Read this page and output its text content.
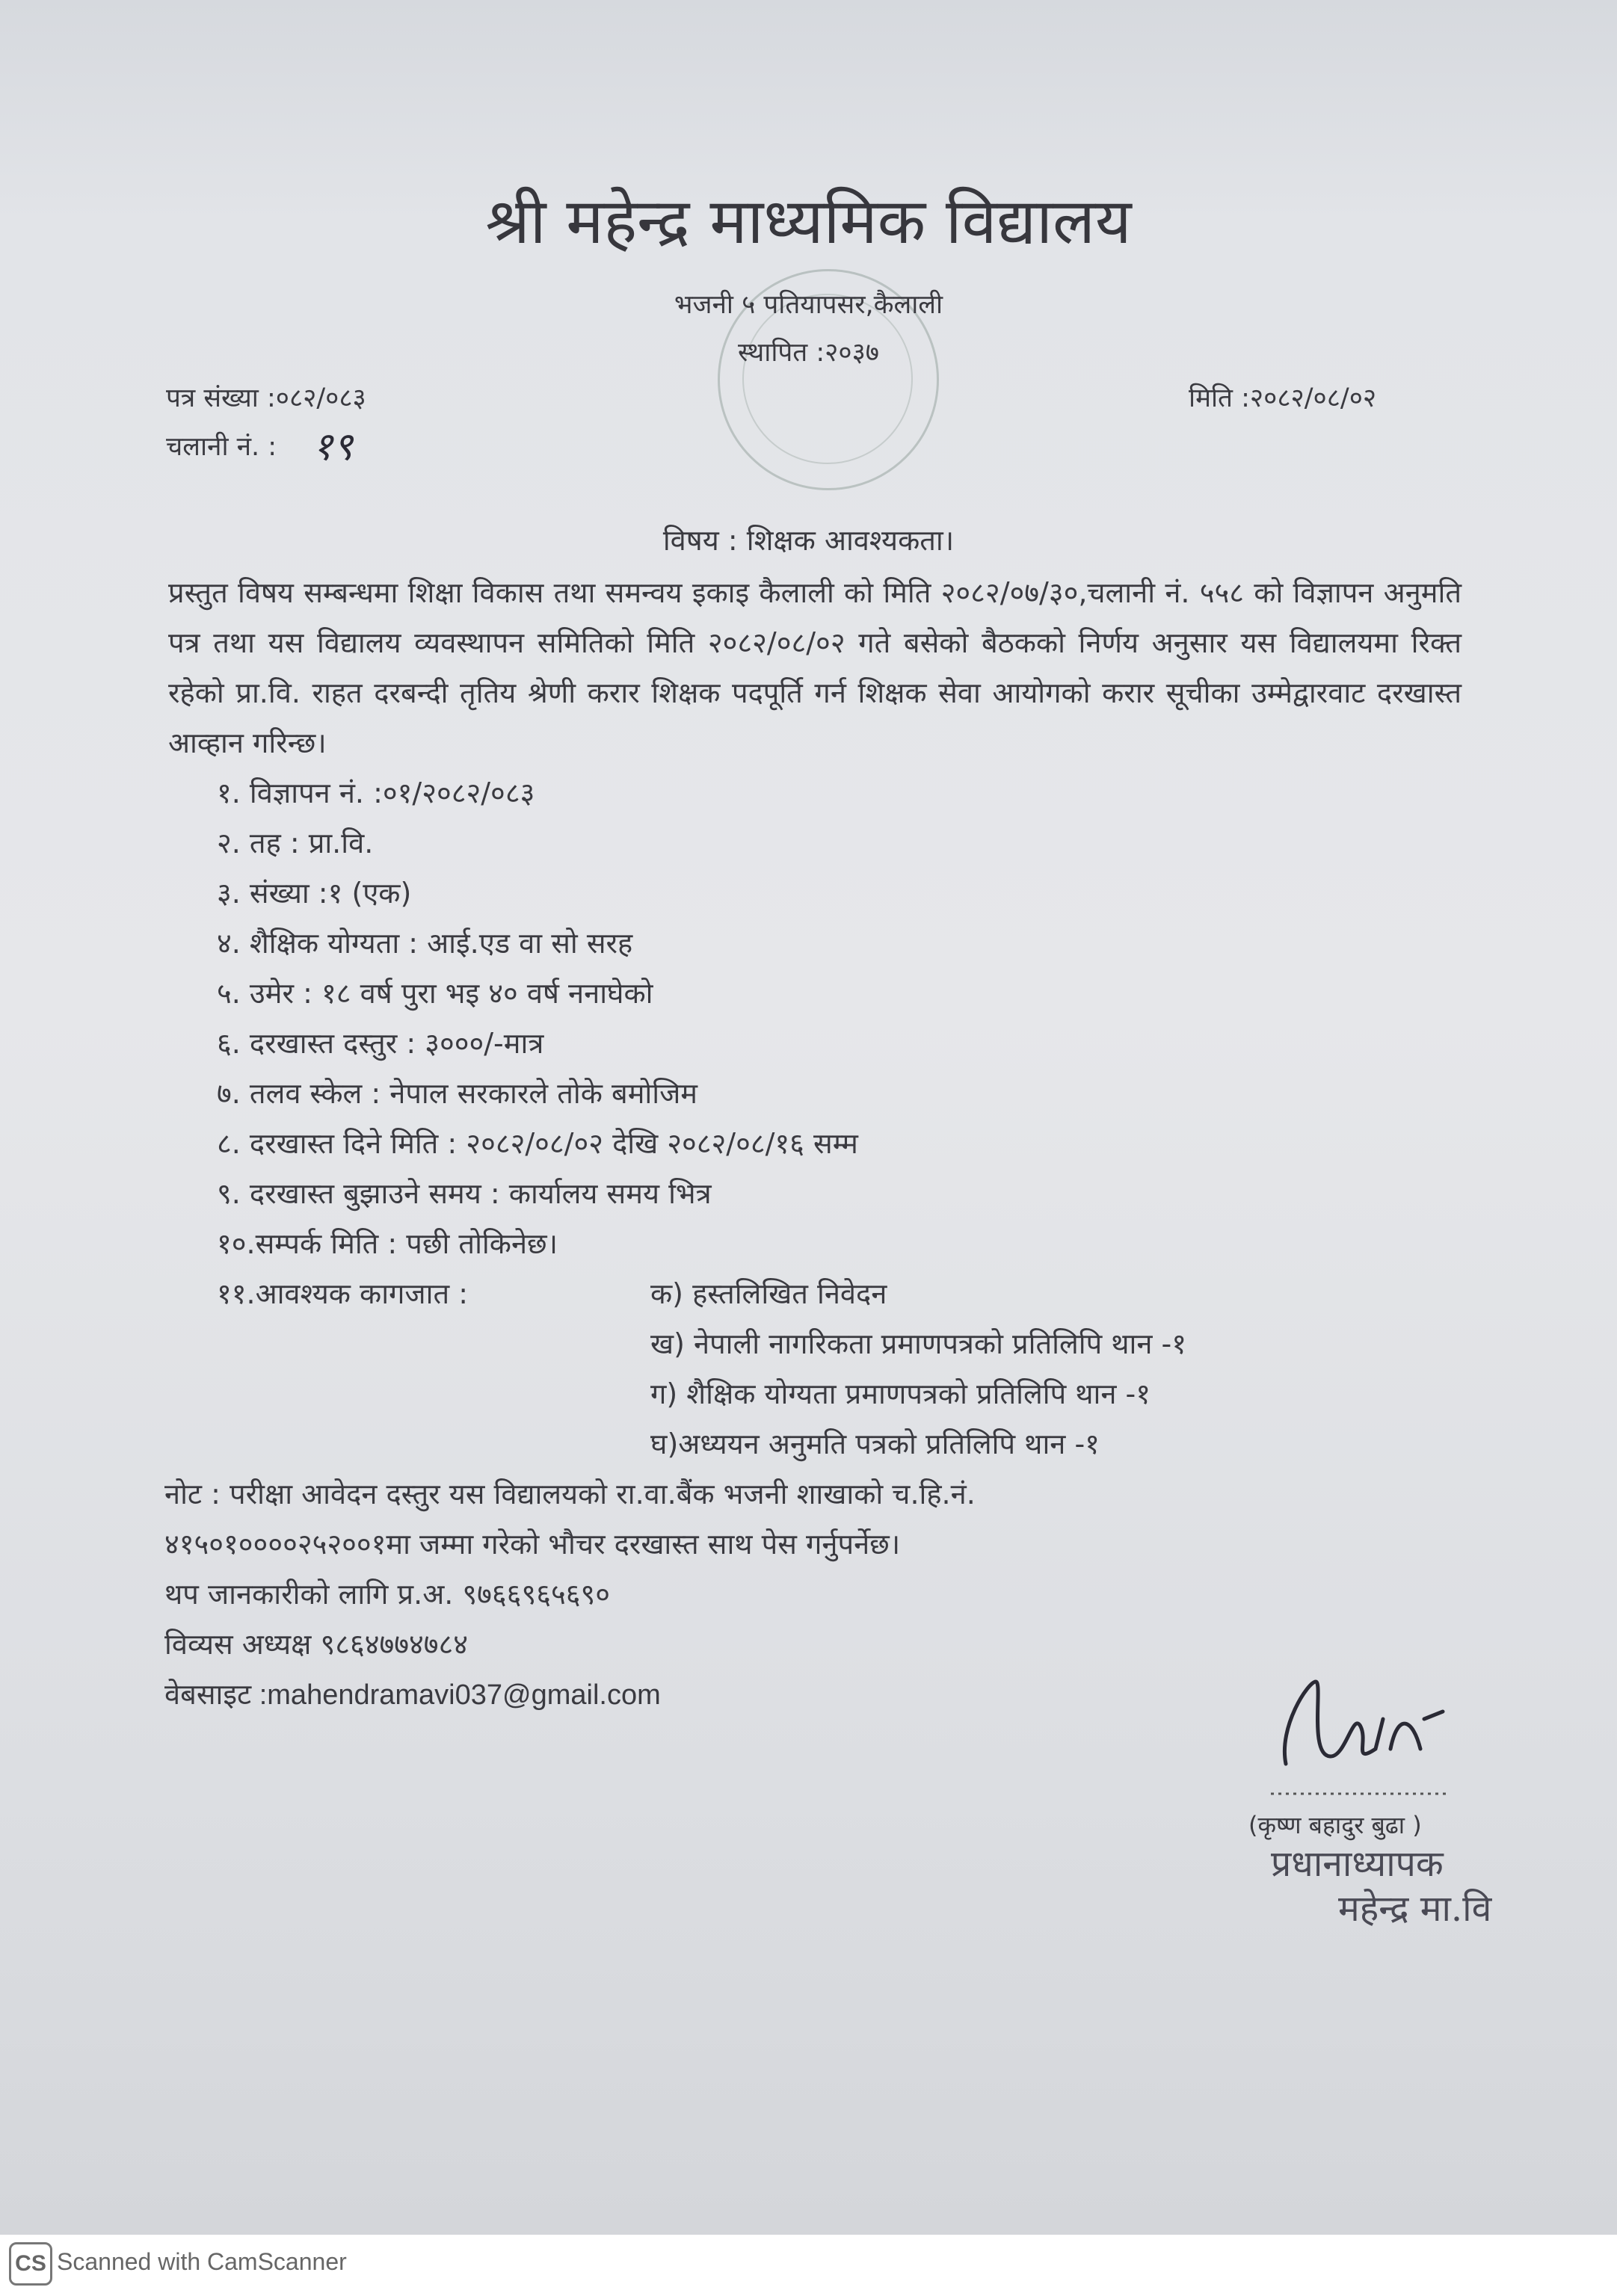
श्री महेन्द्र माध्यमिक विद्यालय
भजनी ५ पतियापसर,कैलाली
स्थापित :२०३७
पत्र संख्या :०८२/०८३
चलानी नं. : १९
मिति :२०८२/०८/०२
विषय : शिक्षक आवश्यकता।
प्रस्तुत विषय सम्बन्धमा शिक्षा विकास तथा समन्वय इकाइ कैलाली को मिति २०८२/०७/३०,चलानी नं. ५५८ को विज्ञापन अनुमति पत्र तथा यस विद्यालय व्यवस्थापन समितिको मिति २०८२/०८/०२ गते बसेको बैठकको निर्णय अनुसार यस विद्यालयमा रिक्त रहेको प्रा.वि. राहत दरबन्दी तृतिय श्रेणी करार शिक्षक पदपूर्ति गर्न शिक्षक सेवा आयोगको करार सूचीका उम्मेद्वारवाट दरखास्त आव्हान गरिन्छ।
१. विज्ञापन नं. :०१/२०८२/०८३
२. तह : प्रा.वि.
३. संख्या :१ (एक)
४. शैक्षिक योग्यता : आई.एड वा सो सरह
५. उमेर : १८ वर्ष पुरा भइ ४० वर्ष ननाघेको
६. दरखास्त दस्तुर : ३०००/-मात्र
७. तलव स्केल : नेपाल सरकारले तोके बमोजिम
८. दरखास्त दिने मिति : २०८२/०८/०२ देखि २०८२/०८/१६ सम्म
९. दरखास्त बुझाउने समय : कार्यालय समय भित्र
१०.सम्पर्क मिति : पछी तोकिनेछ।
११.आवश्यक कागजात :	क) हस्तलिखित निवेदन
ख) नेपाली नागरिकता प्रमाणपत्रको प्रतिलिपि थान -१
ग) शैक्षिक योग्यता प्रमाणपत्रको प्रतिलिपि थान -१
घ)अध्ययन अनुमति पत्रको प्रतिलिपि थान -१
नोट : परीक्षा आवेदन दस्तुर यस विद्यालयको रा.वा.बैंक भजनी शाखाको च.हि.नं.
४१५०१००००२५२००१मा जम्मा गरेको भौचर दरखास्त साथ पेस गर्नुपर्नेछ।
थप जानकारीको लागि प्र.अ. ९७६६९६५६९०
विव्यस अध्यक्ष ९८६४७७४७८४
वेबसाइट :mahendramavi037@gmail.com
(कृष्ण बहादुर बुढा )
प्रधानाध्यापक
महेन्द्र मा.वि
CS Scanned with CamScanner
